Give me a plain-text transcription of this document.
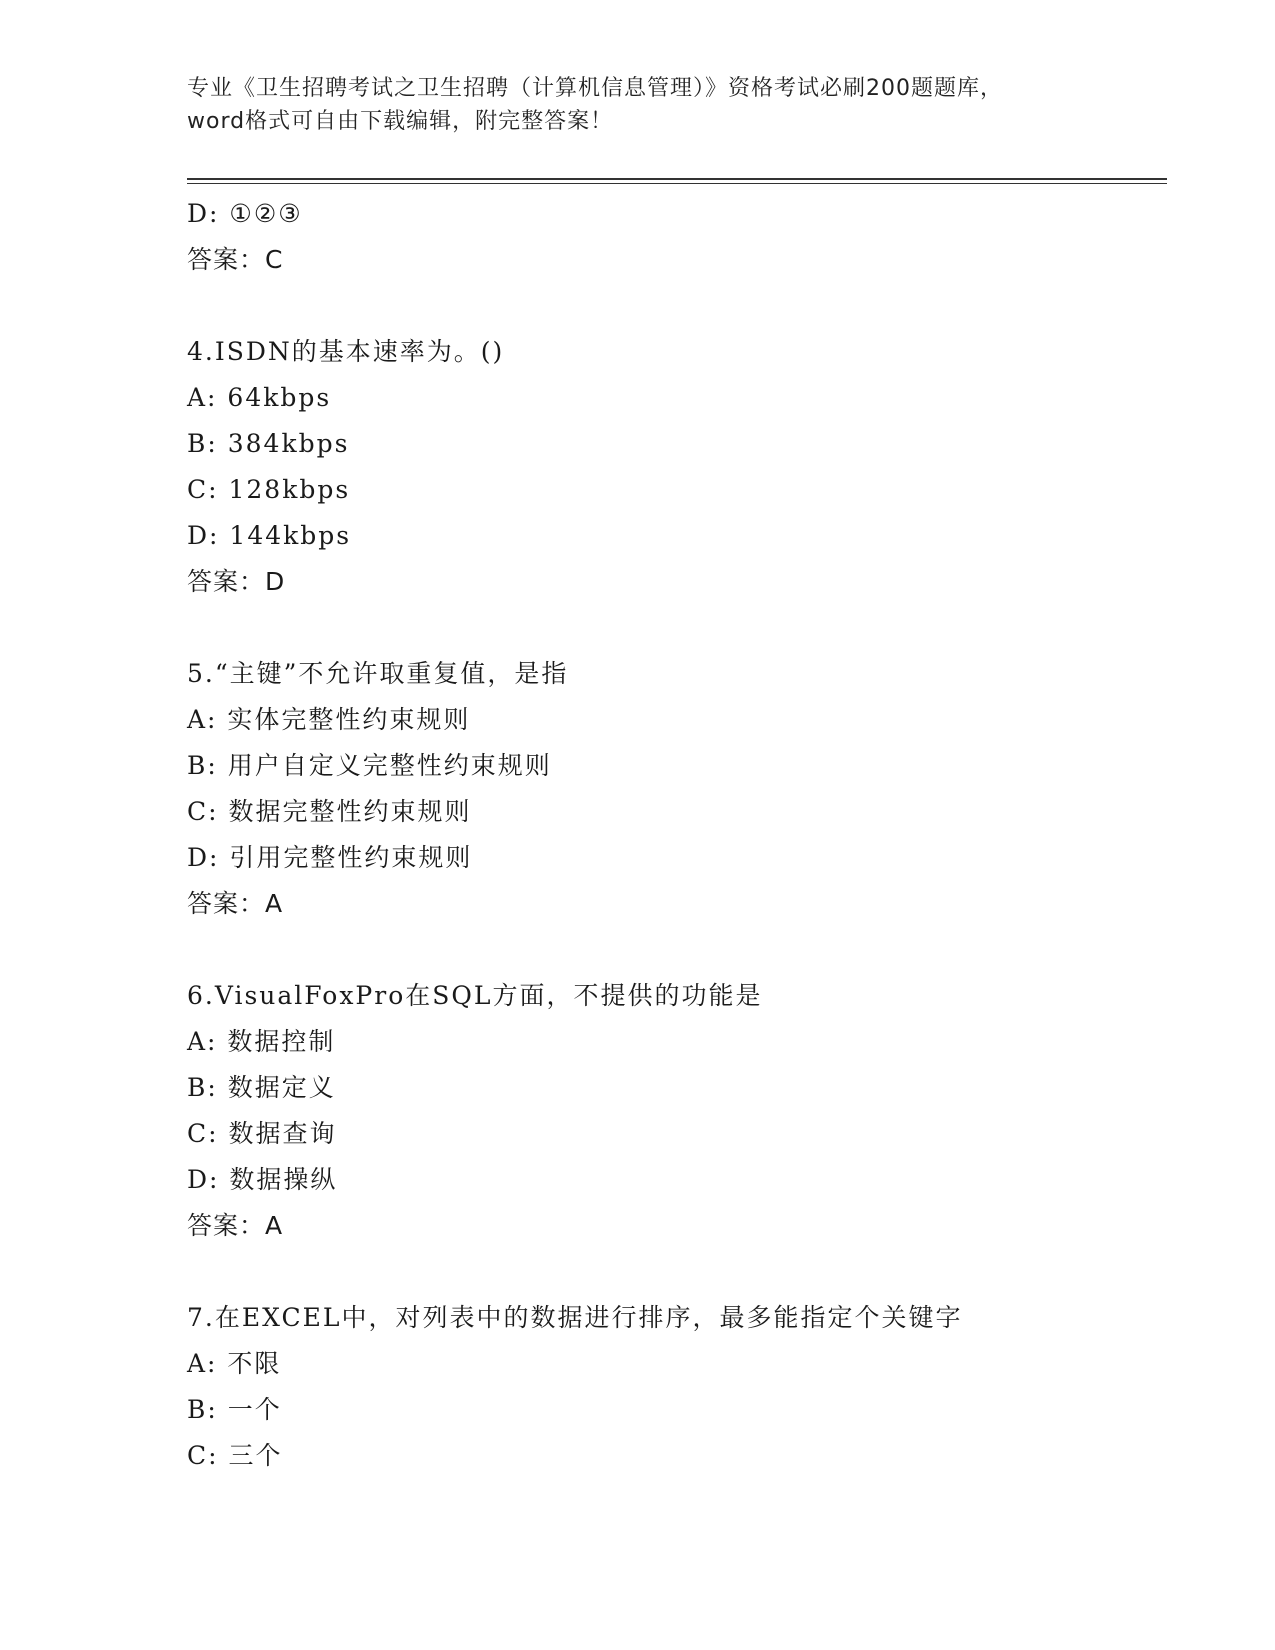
专业《卫生招聘考试之卫生招聘（计算机信息管理）》资格考试必刷200题题库，
word格式可自由下载编辑，附完整答案！
D: ①②③
答案：C
4.ISDN的基本速率为。()
A: 64kbps
B: 384kbps
C: 128kbps
D: 144kbps
答案：D
5.“主键”不允许取重复值，是指
A: 实体完整性约束规则
B: 用户自定义完整性约束规则
C: 数据完整性约束规则
D: 引用完整性约束规则
答案：A
6.VisualFoxPro在SQL方面，不提供的功能是
A: 数据控制
B: 数据定义
C: 数据查询
D: 数据操纵
答案：A
7.在EXCEL中，对列表中的数据进行排序，最多能指定个关键字
A: 不限
B: 一个
C: 三个
